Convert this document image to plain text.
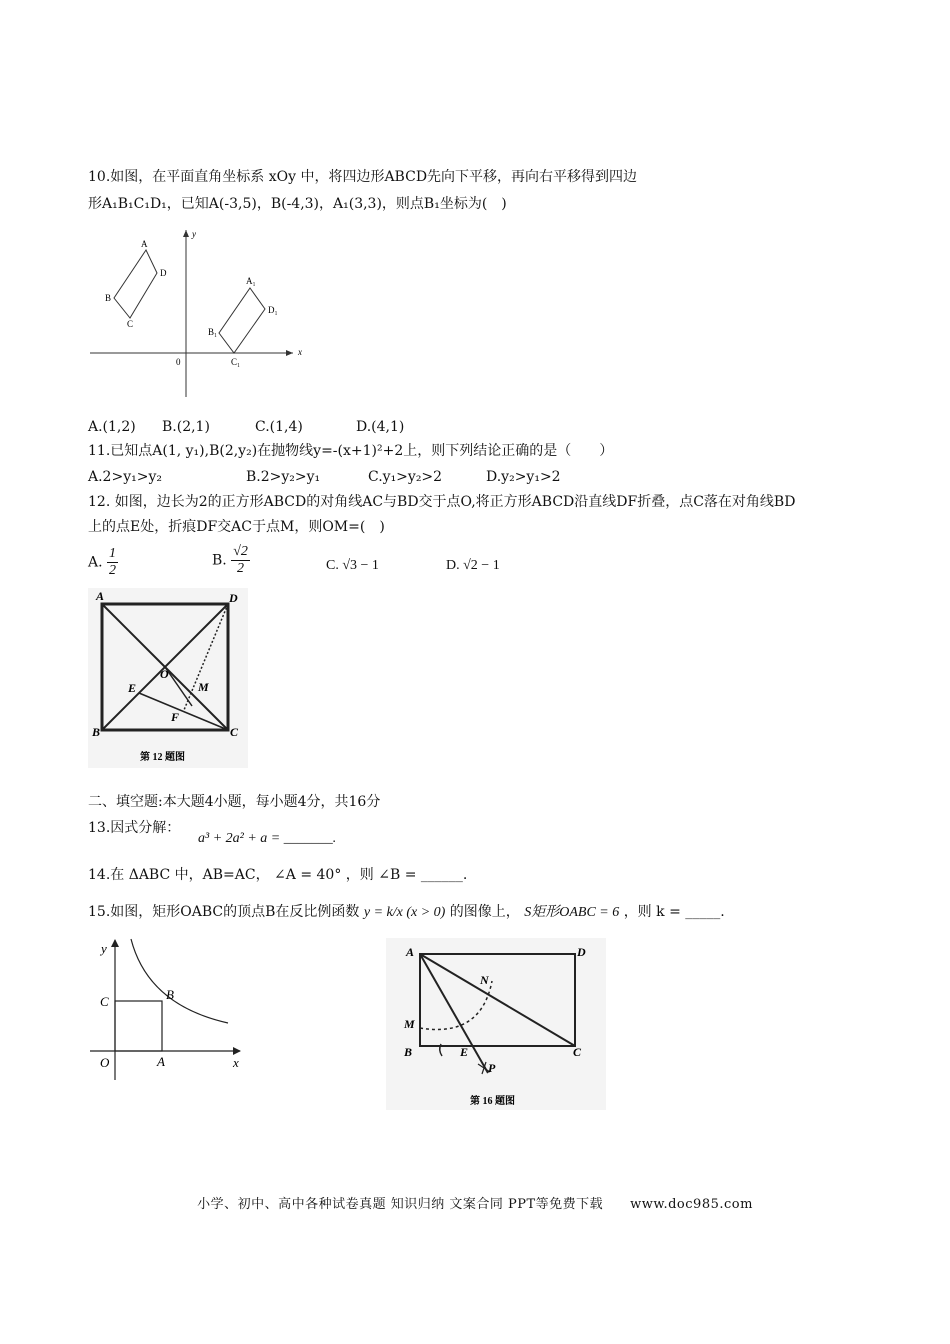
10.如图，在平面直角坐标系 xOy 中，将四边形ABCD先向下平移，再向右平移得到四边
形A₁B₁C₁D₁，已知A(-3,5)，B(-4,3)，A₁(3,3)，则点B₁坐标为(　)
y
x
0
A
D
B
C
A₁
D₁
B₁
C₁
A.(1,2) B.(2,1)	C.(1,4)	D.(4,1)
11.已知点A(1, y₁),B(2,y₂)在抛物线y=-(x+1)²+2上，则下列结论正确的是（　　）
A.2>y₁>y₂	B.2>y₂>y₁	C.y₁>y₂>2	D.y₂>y₁>2
12. 如图，边长为2的正方形ABCD的对角线AC与BD交于点O,将正方形ABCD沿直线DF折叠，点C落在对角线BD
上的点E处，折痕DF交AC于点M，则OM=(　)
A. $\frac{1}{2}$	B. $\frac{√2}{2}$	C. √3 − 1	D. √2 − 1
A	D
B	C
O
E	M
F
第 12 题图
二、填空题:本大题4小题，每小题4分，共16分
13.因式分解：
a³ + 2a² + a = _______.
14.在 ΔABC 中，AB=AC， ∠A = 40° ，则 ∠B = ______.
15.如图，矩形OABC的顶点B在反比例函数 y = k/x (x > 0) 的图像上， S矩形OABC = 6 ，则 k = _____.
y
x
O	A
B
C
A	D
B	C
N
M
E
P
第 16 题图
小学、初中、高中各种试卷真题 知识归纳 文案合同 PPT等免费下载　　www.doc985.com
